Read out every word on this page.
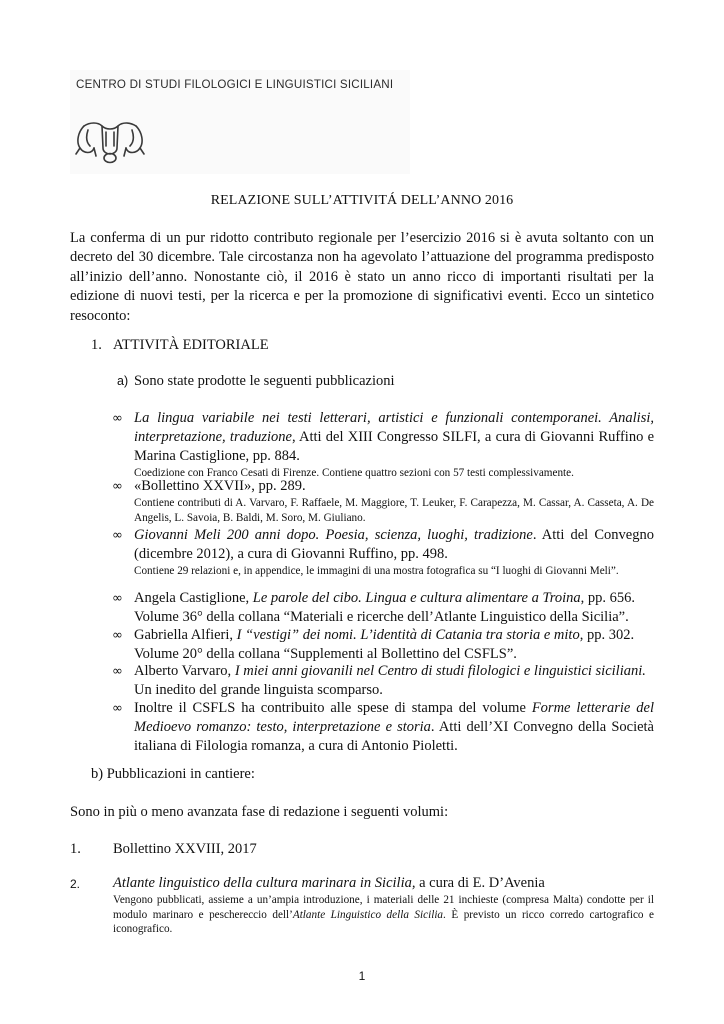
CENTRO DI STUDI FILOLOGICI E LINGUISTICI SICILIANI
RELAZIONE SULL’ATTIVITÁ DELL’ANNO 2016

La conferma di un pur ridotto contributo regionale per l’esercizio 2016 si è avuta soltanto con un decreto del 30 dicembre. Tale circostanza non ha agevolato l’attuazione del programma predisposto all’inizio dell’anno. Nonostante ciò, il 2016 è stato un anno ricco di importanti risultati per la edizione di nuovi testi, per la ricerca e per la promozione di significativi eventi. Ecco un sintetico resoconto:

1. ATTIVITÀ EDITORIALE
a) Sono state prodotte le seguenti pubblicazioni
∞ La lingua variabile nei testi letterari, artistici e funzionali contemporanei. Analisi, interpretazione, traduzione, Atti del XIII Congresso SILFI, a cura di Giovanni Ruffino e Marina Castiglione, pp. 884.
Coedizione con Franco Cesati di Firenze. Contiene quattro sezioni con 57 testi complessivamente.
∞ «Bollettino XXVII», pp. 289.
Contiene contributi di A. Varvaro, F. Raffaele, M. Maggiore, T. Leuker, F. Carapezza, M. Cassar, A. Casseta, A. De Angelis, L. Savoia, B. Baldi, M. Soro, M. Giuliano.
∞ Giovanni Meli 200 anni dopo. Poesia, scienza, luoghi, tradizione. Atti del Convegno (dicembre 2012), a cura di Giovanni Ruffino, pp. 498.
Contiene 29 relazioni e, in appendice, le immagini di una mostra fotografica su “I luoghi di Giovanni Meli”.
∞ Angela Castiglione, Le parole del cibo. Lingua e cultura alimentare a Troina, pp. 656.
Volume 36° della collana “Materiali e ricerche dell’Atlante Linguistico della Sicilia”.
∞ Gabriella Alfieri, I “vestigi” dei nomi. L’identità di Catania tra storia e mito, pp. 302.
Volume 20° della collana “Supplementi al Bollettino del CSFLS”.
∞ Alberto Varvaro, I miei anni giovanili nel Centro di studi filologici e linguistici siciliani.
Un inedito del grande linguista scomparso.
∞ Inoltre il CSFLS ha contribuito alle spese di stampa del volume Forme letterarie del Medioevo romanzo: testo, interpretazione e storia. Atti dell’XI Convegno della Società italiana di Filologia romanza, a cura di Antonio Pioletti.
b) Pubblicazioni in cantiere:
Sono in più o meno avanzata fase di redazione i seguenti volumi:
1. Bollettino XXVIII, 2017
2. Atlante linguistico della cultura marinara in Sicilia, a cura di E. D’Avenia
Vengono pubblicati, assieme a un’ampia introduzione, i materiali delle 21 inchieste (compresa Malta) condotte per il modulo marinaro e peschereccio dell’Atlante Linguistico della Sicilia. È previsto un ricco corredo cartografico e iconografico.
1
